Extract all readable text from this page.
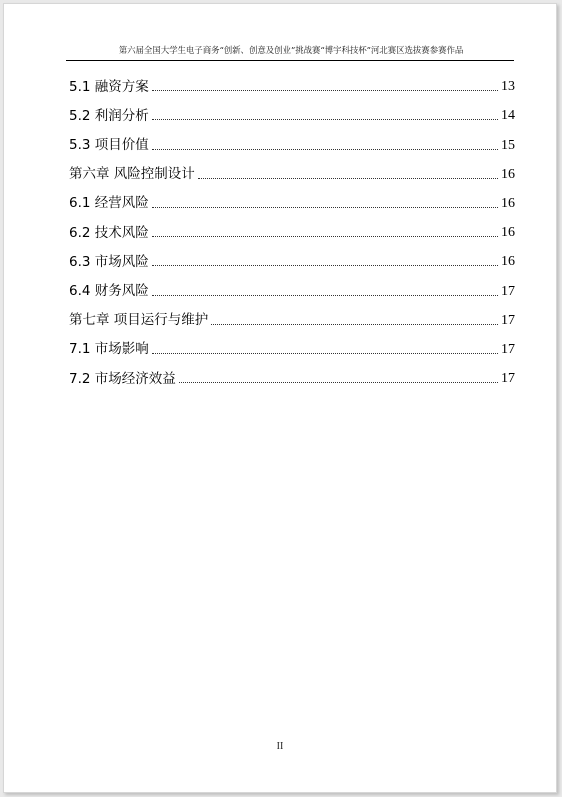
第六届全国大学生电子商务“创新、创意及创业”挑战赛“博宇科技杯”河北赛区选拔赛参赛作品
5.1 融资方案	13
5.2 利润分析	14
5.3 项目价值	15
第六章 风险控制设计	16
6.1 经营风险	16
6.2 技术风险	16
6.3 市场风险	16
6.4 财务风险	17
第七章 项目运行与维护	17
7.1 市场影响	17
7.2 市场经济效益	17
II
